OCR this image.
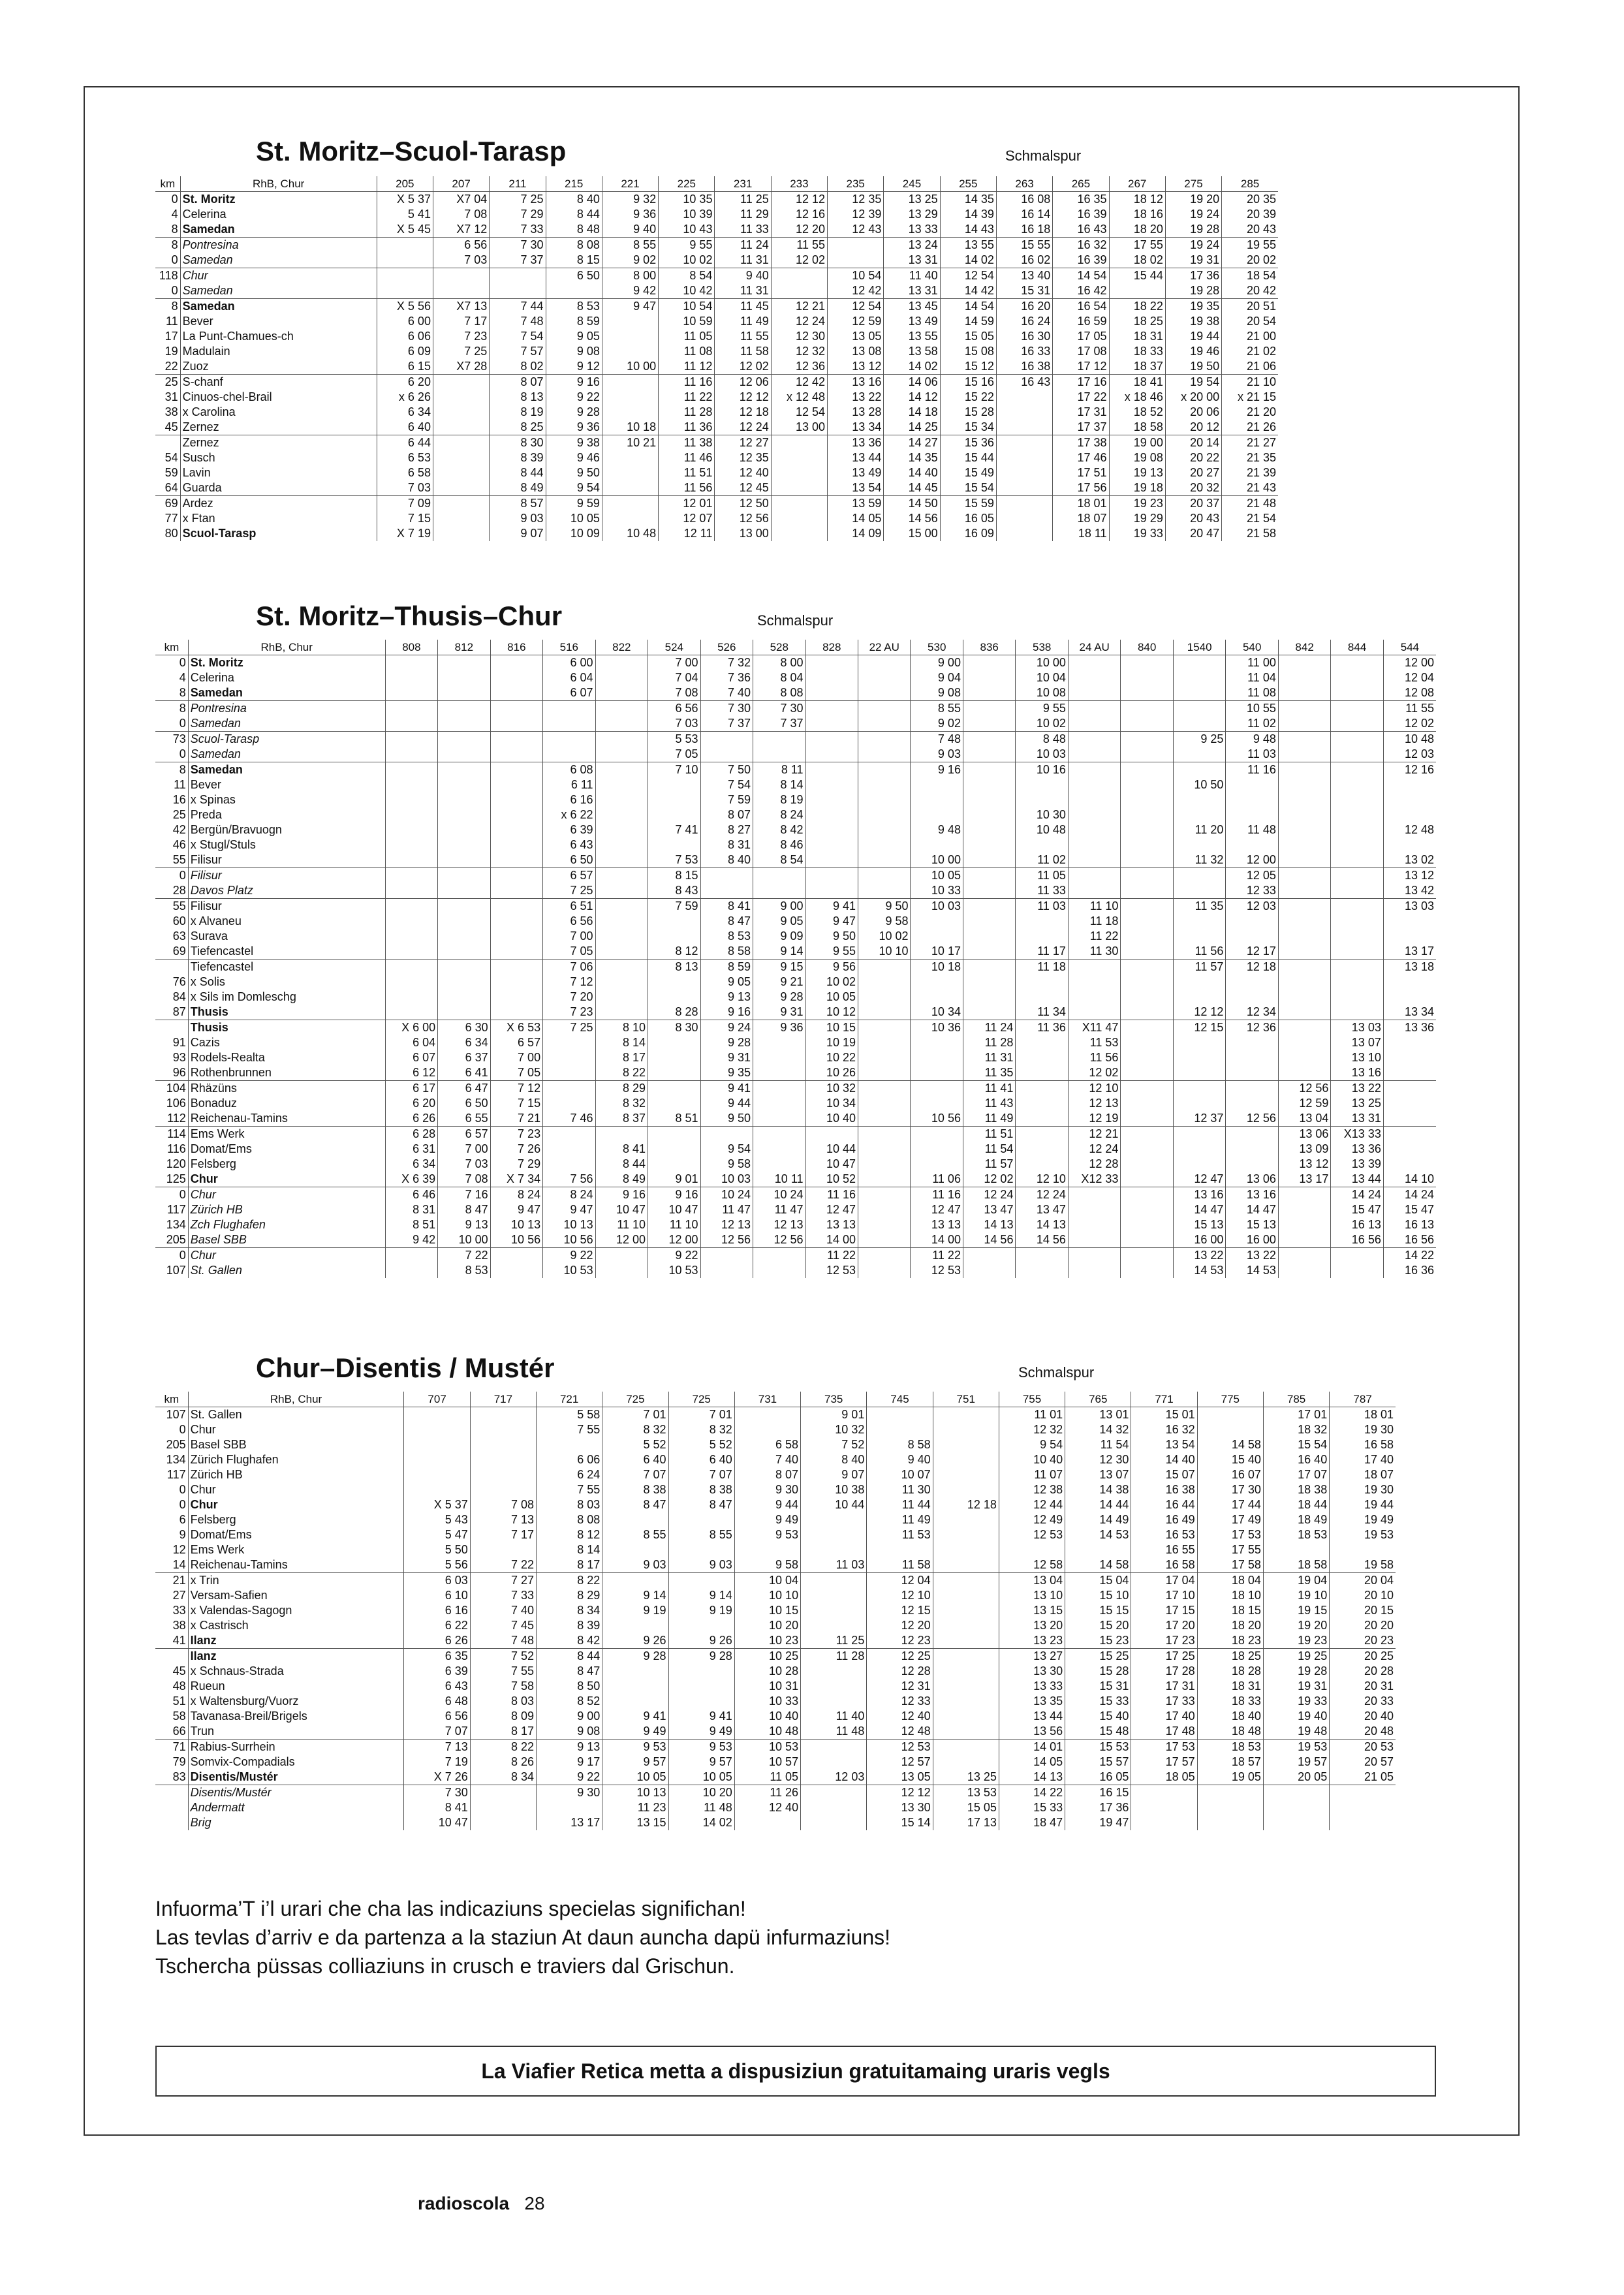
St. Moritz–Scuol-Tarasp	Schmalspur
km	RhB, Chur	205	207	211	215	221	225	231	233	235	245	255	263	265	267	275	285
0	St. Moritz	X 5 37	X7 04	7 25	8 40	9 32	10 35	11 25	12 12	12 35	13 25	14 35	16 08	16 35	18 12	19 20	20 35
4	Celerina	5 41	7 08	7 29	8 44	9 36	10 39	11 29	12 16	12 39	13 29	14 39	16 14	16 39	18 16	19 24	20 39
8	Samedan	X 5 45	X7 12	7 33	8 48	9 40	10 43	11 33	12 20	12 43	13 33	14 43	16 18	16 43	18 20	19 28	20 43
8	Pontresina		6 56	7 30	8 08	8 55	9 55	11 24	11 55		13 24	13 55	15 55	16 32	17 55	19 24	19 55
0	Samedan		7 03	7 37	8 15	9 02	10 02	11 31	12 02		13 31	14 02	16 02	16 39	18 02	19 31	20 02
118	Chur				6 50	8 00	8 54	9 40		10 54	11 40	12 54	13 40	14 54	15 44	17 36	18 54
0	Samedan					9 42	10 42	11 31		12 42	13 31	14 42	15 31	16 42		19 28	20 42
8	Samedan	X 5 56	X7 13	7 44	8 53	9 47	10 54	11 45	12 21	12 54	13 45	14 54	16 20	16 54	18 22	19 35	20 51
11	Bever	6 00	7 17	7 48	8 59		10 59	11 49	12 24	12 59	13 49	14 59	16 24	16 59	18 25	19 38	20 54
17	La Punt-Chamues-ch	6 06	7 23	7 54	9 05		11 05	11 55	12 30	13 05	13 55	15 05	16 30	17 05	18 31	19 44	21 00
19	Madulain	6 09	7 25	7 57	9 08		11 08	11 58	12 32	13 08	13 58	15 08	16 33	17 08	18 33	19 46	21 02
22	Zuoz	6 15	X7 28	8 02	9 12	10 00	11 12	12 02	12 36	13 12	14 02	15 12	16 38	17 12	18 37	19 50	21 06
25	S-chanf	6 20		8 07	9 16		11 16	12 06	12 42	13 16	14 06	15 16	16 43	17 16	18 41	19 54	21 10
31	Cinuos-chel-Brail	x 6 26		8 13	9 22		11 22	12 12	x 12 48	13 22	14 12	15 22		17 22	x 18 46	x 20 00	x 21 15
38	x Carolina	6 34		8 19	9 28		11 28	12 18	12 54	13 28	14 18	15 28		17 31	18 52	20 06	21 20
45	Zernez	6 40		8 25	9 36	10 18	11 36	12 24	13 00	13 34	14 25	15 34		17 37	18 58	20 12	21 26
	Zernez	6 44		8 30	9 38	10 21	11 38	12 27		13 36	14 27	15 36		17 38	19 00	20 14	21 27
54	Susch	6 53		8 39	9 46		11 46	12 35		13 44	14 35	15 44		17 46	19 08	20 22	21 35
59	Lavin	6 58		8 44	9 50		11 51	12 40		13 49	14 40	15 49		17 51	19 13	20 27	21 39
64	Guarda	7 03		8 49	9 54		11 56	12 45		13 54	14 45	15 54		17 56	19 18	20 32	21 43
69	Ardez	7 09		8 57	9 59		12 01	12 50		13 59	14 50	15 59		18 01	19 23	20 37	21 48
77	x Ftan	7 15		9 03	10 05		12 07	12 56		14 05	14 56	16 05		18 07	19 29	20 43	21 54
80	Scuol-Tarasp	X 7 19		9 07	10 09	10 48	12 11	13 00		14 09	15 00	16 09		18 11	19 33	20 47	21 58
St. Moritz–Thusis–Chur	Schmalspur
km	RhB, Chur	808	812	816	516	822	524	526	528	828	22 AU	530	836	538	24 AU	840	1540	540	842	844	544
0	St. Moritz				6 00		7 00	7 32	8 00			9 00		10 00				11 00			12 00
4	Celerina				6 04		7 04	7 36	8 04			9 04		10 04				11 04			12 04
8	Samedan				6 07		7 08	7 40	8 08			9 08		10 08				11 08			12 08
8	Pontresina						6 56	7 30	7 30			8 55		9 55				10 55			11 55
0	Samedan						7 03	7 37	7 37			9 02		10 02				11 02			12 02
73	Scuol-Tarasp						5 53					7 48		8 48			9 25	9 48			10 48
0	Samedan						7 05					9 03		10 03				11 03			12 03
8	Samedan				6 08		7 10	7 50	8 11			9 16		10 16				11 16			12 16
11	Bever				6 11			7 54	8 14								10 50				
16	x Spinas				6 16			7 59	8 19												
25	Preda				x 6 22			8 07	8 24					10 30							
42	Bergün/Bravuogn				6 39		7 41	8 27	8 42			9 48		10 48			11 20	11 48			12 48
46	x Stugl/Stuls				6 43			8 31	8 46												
55	Filisur				6 50		7 53	8 40	8 54			10 00		11 02			11 32	12 00			13 02
0	Filisur				6 57		8 15					10 05		11 05				12 05			13 12
28	Davos Platz				7 25		8 43					10 33		11 33				12 33			13 42
55	Filisur				6 51		7 59	8 41	9 00	9 41	9 50	10 03		11 03	11 10		11 35	12 03			13 03
60	x Alvaneu				6 56			8 47	9 05	9 47	9 58				11 18						
63	Surava				7 00			8 53	9 09	9 50	10 02				11 22						
69	Tiefencastel				7 05		8 12	8 58	9 14	9 55	10 10	10 17		11 17	11 30		11 56	12 17			13 17
	Tiefencastel				7 06		8 13	8 59	9 15	9 56		10 18		11 18			11 57	12 18			13 18
76	x Solis				7 12			9 05	9 21	10 02											
84	x Sils im Domleschg				7 20			9 13	9 28	10 05											
87	Thusis				7 23		8 28	9 16	9 31	10 12		10 34		11 34			12 12	12 34			13 34
	Thusis	X 6 00	6 30	X 6 53	7 25	8 10	8 30	9 24	9 36	10 15		10 36	11 24	11 36	X11 47		12 15	12 36		13 03	13 36
91	Cazis	6 04	6 34	6 57		8 14		9 28		10 19			11 28		11 53					13 07	
93	Rodels-Realta	6 07	6 37	7 00		8 17		9 31		10 22			11 31		11 56					13 10	
96	Rothenbrunnen	6 12	6 41	7 05		8 22		9 35		10 26			11 35		12 02					13 16	
104	Rhäzüns	6 17	6 47	7 12		8 29		9 41		10 32			11 41		12 10				12 56	13 22	
106	Bonaduz	6 20	6 50	7 15		8 32		9 44		10 34			11 43		12 13				12 59	13 25	
112	Reichenau-Tamins	6 26	6 55	7 21	7 46	8 37	8 51	9 50		10 40		10 56	11 49		12 19		12 37	12 56	13 04	13 31	
114	Ems Werk	6 28	6 57	7 23									11 51		12 21				13 06	X13 33	
116	Domat/Ems	6 31	7 00	7 26		8 41		9 54		10 44			11 54		12 24				13 09	13 36	
120	Felsberg	6 34	7 03	7 29		8 44		9 58		10 47			11 57		12 28				13 12	13 39	
125	Chur	X 6 39	7 08	X 7 34	7 56	8 49	9 01	10 03	10 11	10 52		11 06	12 02	12 10	X12 33		12 47	13 06	13 17	13 44	14 10
0	Chur	6 46	7 16	8 24	8 24	9 16	9 16	10 24	10 24	11 16		11 16	12 24	12 24			13 16	13 16		14 24	14 24
117	Zürich HB	8 31	8 47	9 47	9 47	10 47	10 47	11 47	11 47	12 47		12 47	13 47	13 47			14 47	14 47		15 47	15 47
134	Zch Flughafen	8 51	9 13	10 13	10 13	11 10	11 10	12 13	12 13	13 13		13 13	14 13	14 13			15 13	15 13		16 13	16 13
205	Basel SBB	9 42	10 00	10 56	10 56	12 00	12 00	12 56	12 56	14 00		14 00	14 56	14 56			16 00	16 00		16 56	16 56
0	Chur		7 22		9 22		9 22			11 22		11 22					13 22	13 22			14 22
107	St. Gallen		8 53		10 53		10 53			12 53		12 53					14 53	14 53			16 36
Chur–Disentis / Mustér	Schmalspur
km	RhB, Chur	707	717	721	725	725	731	735	745	751	755	765	771	775	785	787
107	St. Gallen			5 58	7 01	7 01		9 01			11 01	13 01	15 01		17 01	18 01
0	Chur			7 55	8 32	8 32		10 32			12 32	14 32	16 32		18 32	19 30
205	Basel SBB				5 52	5 52	6 58	7 52	8 58		9 54	11 54	13 54	14 58	15 54	16 58
134	Zürich Flughafen			6 06	6 40	6 40	7 40	8 40	9 40		10 40	12 30	14 40	15 40	16 40	17 40
117	Zürich HB			6 24	7 07	7 07	8 07	9 07	10 07		11 07	13 07	15 07	16 07	17 07	18 07
0	Chur			7 55	8 38	8 38	9 30	10 38	11 30		12 38	14 38	16 38	17 30	18 38	19 30
0	Chur	X 5 37	7 08	8 03	8 47	8 47	9 44	10 44	11 44	12 18	12 44	14 44	16 44	17 44	18 44	19 44
6	Felsberg	5 43	7 13	8 08			9 49		11 49		12 49	14 49	16 49	17 49	18 49	19 49
9	Domat/Ems	5 47	7 17	8 12	8 55	8 55	9 53		11 53		12 53	14 53	16 53	17 53	18 53	19 53
12	Ems Werk	5 50		8 14									16 55	17 55		
14	Reichenau-Tamins	5 56	7 22	8 17	9 03	9 03	9 58	11 03	11 58		12 58	14 58	16 58	17 58	18 58	19 58
21	x Trin	6 03	7 27	8 22			10 04		12 04		13 04	15 04	17 04	18 04	19 04	20 04
27	Versam-Safien	6 10	7 33	8 29	9 14	9 14	10 10		12 10		13 10	15 10	17 10	18 10	19 10	20 10
33	x Valendas-Sagogn	6 16	7 40	8 34	9 19	9 19	10 15		12 15		13 15	15 15	17 15	18 15	19 15	20 15
38	x Castrisch	6 22	7 45	8 39			10 20		12 20		13 20	15 20	17 20	18 20	19 20	20 20
41	Ilanz	6 26	7 48	8 42	9 26	9 26	10 23	11 25	12 23		13 23	15 23	17 23	18 23	19 23	20 23
	Ilanz	6 35	7 52	8 44	9 28	9 28	10 25	11 28	12 25		13 27	15 25	17 25	18 25	19 25	20 25
45	x Schnaus-Strada	6 39	7 55	8 47			10 28		12 28		13 30	15 28	17 28	18 28	19 28	20 28
48	Rueun	6 43	7 58	8 50			10 31		12 31		13 33	15 31	17 31	18 31	19 31	20 31
51	x Waltensburg/Vuorz	6 48	8 03	8 52			10 33		12 33		13 35	15 33	17 33	18 33	19 33	20 33
58	Tavanasa-Breil/Brigels	6 56	8 09	9 00	9 41	9 41	10 40	11 40	12 40		13 44	15 40	17 40	18 40	19 40	20 40
66	Trun	7 07	8 17	9 08	9 49	9 49	10 48	11 48	12 48		13 56	15 48	17 48	18 48	19 48	20 48
71	Rabius-Surrhein	7 13	8 22	9 13	9 53	9 53	10 53		12 53		14 01	15 53	17 53	18 53	19 53	20 53
79	Somvix-Compadials	7 19	8 26	9 17	9 57	9 57	10 57		12 57		14 05	15 57	17 57	18 57	19 57	20 57
83	Disentis/Mustér	X 7 26	8 34	9 22	10 05	10 05	11 05	12 03	13 05	13 25	14 13	16 05	18 05	19 05	20 05	21 05
	Disentis/Mustér	7 30		9 30	10 13	10 20	11 26		12 12	13 53	14 22	16 15				
	Andermatt	8 41			11 23	11 48	12 40		13 30	15 05	15 33	17 36				
	Brig	10 47		13 17	13 15	14 02			15 14	17 13	18 47	19 47				
Infuorma’T i’l urari che cha las indicaziuns specielas significhan!
Las tevlas d’arriv e da partenza a la staziun At daun auncha dapü infurmaziuns!
Tschercha püssas colliaziuns in crusch e traviers dal Grischun.
La Viafier Retica metta a dispusiziun gratuitamaing uraris vegls
radioscola 28
